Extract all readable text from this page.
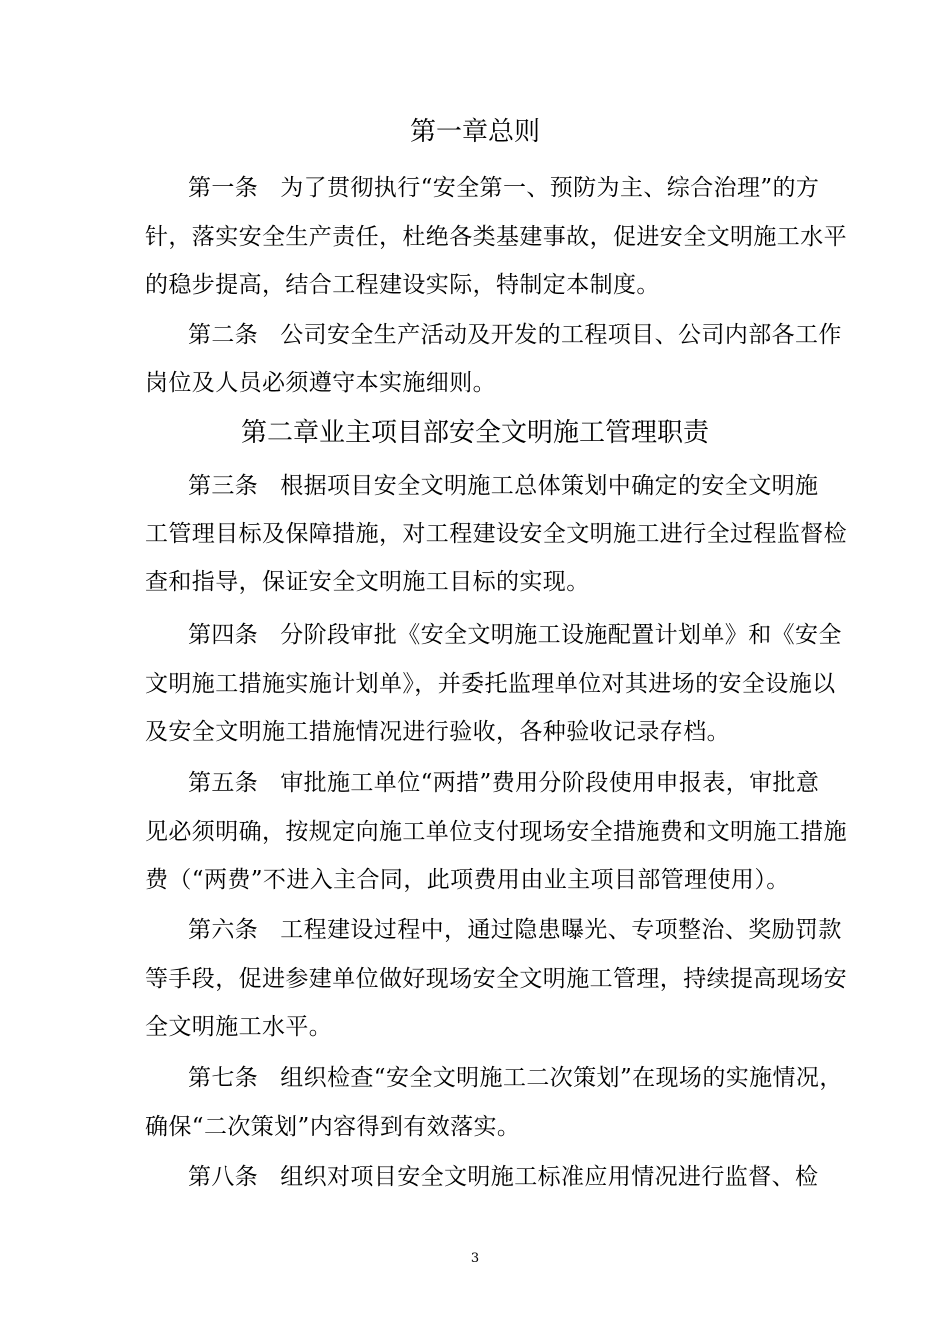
第一章总则
第一条 为了贯彻执行“安全第一、预防为主、综合治理”的方
针，落实安全生产责任，杜绝各类基建事故，促进安全文明施工水平
的稳步提高，结合工程建设实际，特制定本制度。
第二条 公司安全生产活动及开发的工程项目、公司内部各工作
岗位及人员必须遵守本实施细则。
第二章业主项目部安全文明施工管理职责
第三条 根据项目安全文明施工总体策划中确定的安全文明施
工管理目标及保障措施，对工程建设安全文明施工进行全过程监督检
查和指导，保证安全文明施工目标的实现。
第四条 分阶段审批《安全文明施工设施配置计划单》和《安全
文明施工措施实施计划单》，并委托监理单位对其进场的安全设施以
及安全文明施工措施情况进行验收，各种验收记录存档。
第五条 审批施工单位“两措”费用分阶段使用申报表，审批意
见必须明确，按规定向施工单位支付现场安全措施费和文明施工措施
费（“两费”不进入主合同，此项费用由业主项目部管理使用）。
第六条 工程建设过程中，通过隐患曝光、专项整治、奖励罚款
等手段，促进参建单位做好现场安全文明施工管理，持续提高现场安
全文明施工水平。
第七条 组织检查“安全文明施工二次策划”在现场的实施情况，
确保“二次策划”内容得到有效落实。
第八条 组织对项目安全文明施工标准应用情况进行监督、检
3
